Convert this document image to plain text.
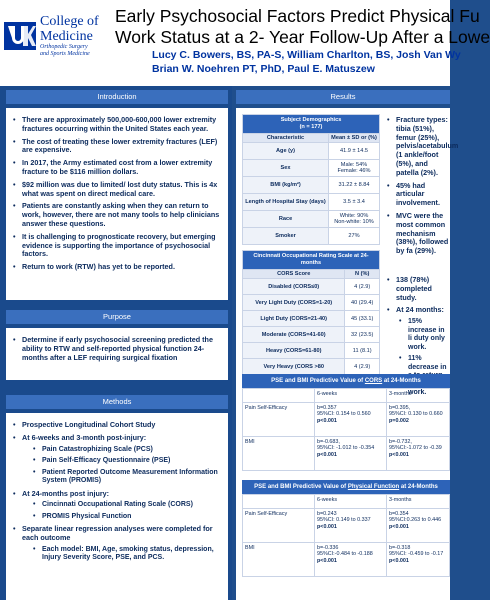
College of
Medicine
Orthopedic Surgery
and Sports Medicine
Early Psychosocial Factors Predict Physical Fu
Work Status at a 2- Year Follow-Up After a Lowe
Lucy C. Bowers, BS, PA-S, William Charlton, BS, Josh Van Wy
Brian W. Noehren PT, PhD, Paul E. Matuszew
Introduction
• There are approximately 500,000-600,000 lower extremity fractures occurring within the United States each year.
• The cost of treating these lower extremity fractures (LEF) are expensive.
• In 2017, the Army estimated cost from a lower extremity fracture to be $116 million dollars.
• $92 million was due to limited/ lost duty status. This is 4x what was spent on direct medical care.
• Patients are constantly asking when they can return to work, however, there are not many tools to help clinicians answer these questions.
• It is challenging to prognosticate recovery, but emerging evidence is supporting the importance of psychosocial factors.
• Return to work (RTW) has yet to be reported.
Purpose
• Determine if early psychosocial screening predicted the ability to RTW and self-reported physical function 24- months after a LEF requiring surgical fixation
Methods
• Prospective Longitudinal Cohort Study
• At 6-weeks and 3-month post-injury:
• Pain Catastrophizing Scale (PCS)
• Pain Self-Efficacy Questionnaire (PSE)
• Patient Reported Outcome Measurement Information System (PROMIS)
• At 24-months post injury:
• Cincinnati Occupational Rating Scale (CORS)
• PROMIS Physical Function
• Separate linear regression analyses were completed for each outcome
• Each model: BMI, Age, smoking status, depression, Injury Severity Score, PSE, and PCS.
Results
Subject Demographics
(n = 177)	
Characteristic	Mean ± SD or (%)
Age (y)	41.9 ± 14.5
Sex	Male: 54%
Female: 46%
BMI (kg/m²)	31.22 ± 8.84
Length of Hospital Stay (days)	3.5 ± 3.4
Race	White: 90%
Non-white: 10%
Smoker	27%
• Fracture types: tibia (51%), femur (25%), pelvis/acetabulum (1 ankle/foot (5%), and patella (2%).
• 45% had articular involvement.
• MVC were the most common mechanism (38%), followed by fa (29%).
Cincinnati Occupational Rating Scale at 24-months	
CORS Score	N (%)
Disabled (CORS≤0)	4 (2.9)
Very Light Duty (CORS=1-20)	40 (29.4)
Light Duty (CORS=21-40)	45 (33.1)
Moderate (CORS=41-60)	32 (23.5)
Heavy (CORS=61-80)	11 (8.1)
Very Heavy (CORS >80	4 (2.9)
• 138 (78%) completed study.
• At 24 months:
• 15% increase in li duty only work.
• 11% decrease in work.
PSE and BMI Predictive Value of CORS at 24-Months
	6-weeks	3-months
Pain Self-Efficacy	b=0.357
95%CI: 0.154 to 0.560
p<0.001	b=0.395,
95%CI: 0.130 to 0.660
p=0.002
BMI	b=-0.683,
95%CI: -1.012 to -0.354
p<0.001	b=-0.732,
95%CI:-1.072 to -0.39
p<0.001
PSE and BMI Predictive Value of Physical Function at 24-Months
	6-weeks	3-months
Pain Self-Efficacy	b=0.243
95%CI: 0.149 to 0.337
p<0.001	b=0.354
95%CI:0.263 to 0.446
p<0.001
BMI	b=-0.336
95%CI:-0.484 to -0.188
p<0.001	b=-0.318
95%CI: -0.459 to -0.17
p<0.001
